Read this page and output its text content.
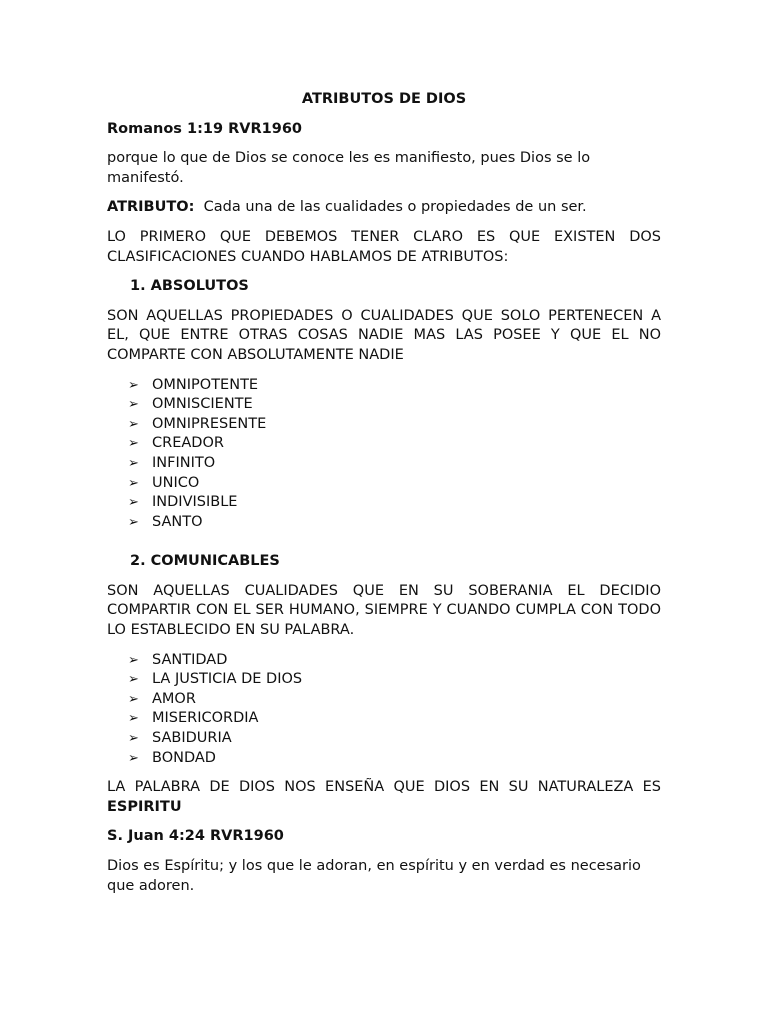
ATRIBUTOS DE DIOS
Romanos 1:19 RVR1960

porque lo que de Dios se conoce les es manifiesto, pues Dios se lo manifestó.

ATRIBUTO: Cada una de las cualidades o propiedades de un ser.

LO PRIMERO QUE DEBEMOS TENER CLARO ES QUE EXISTEN DOS CLASIFICACIONES CUANDO HABLAMOS DE ATRIBUTOS:

1. ABSOLUTOS

SON AQUELLAS PROPIEDADES O CUALIDADES QUE SOLO PERTENECEN A EL, QUE ENTRE OTRAS COSAS NADIE MAS LAS POSEE Y QUE EL NO COMPARTE CON ABSOLUTAMENTE NADIE

➢ OMNIPOTENTE
➢ OMNISCIENTE
➢ OMNIPRESENTE
➢ CREADOR
➢ INFINITO
➢ UNICO
➢ INDIVISIBLE
➢ SANTO
2. COMUNICABLES

SON AQUELLAS CUALIDADES QUE EN SU SOBERANIA EL DECIDIO COMPARTIR CON EL SER HUMANO, SIEMPRE Y CUANDO CUMPLA CON TODO LO ESTABLECIDO EN SU PALABRA.

➢ SANTIDAD
➢ LA JUSTICIA DE DIOS
➢ AMOR
➢ MISERICORDIA
➢ SABIDURIA
➢ BONDAD

LA PALABRA DE DIOS NOS ENSEÑA QUE DIOS EN SU NATURALEZA ES ESPIRITU

S. Juan 4:24 RVR1960

Dios es Espíritu; y los que le adoran, en espíritu y en verdad es necesario que adoren.
